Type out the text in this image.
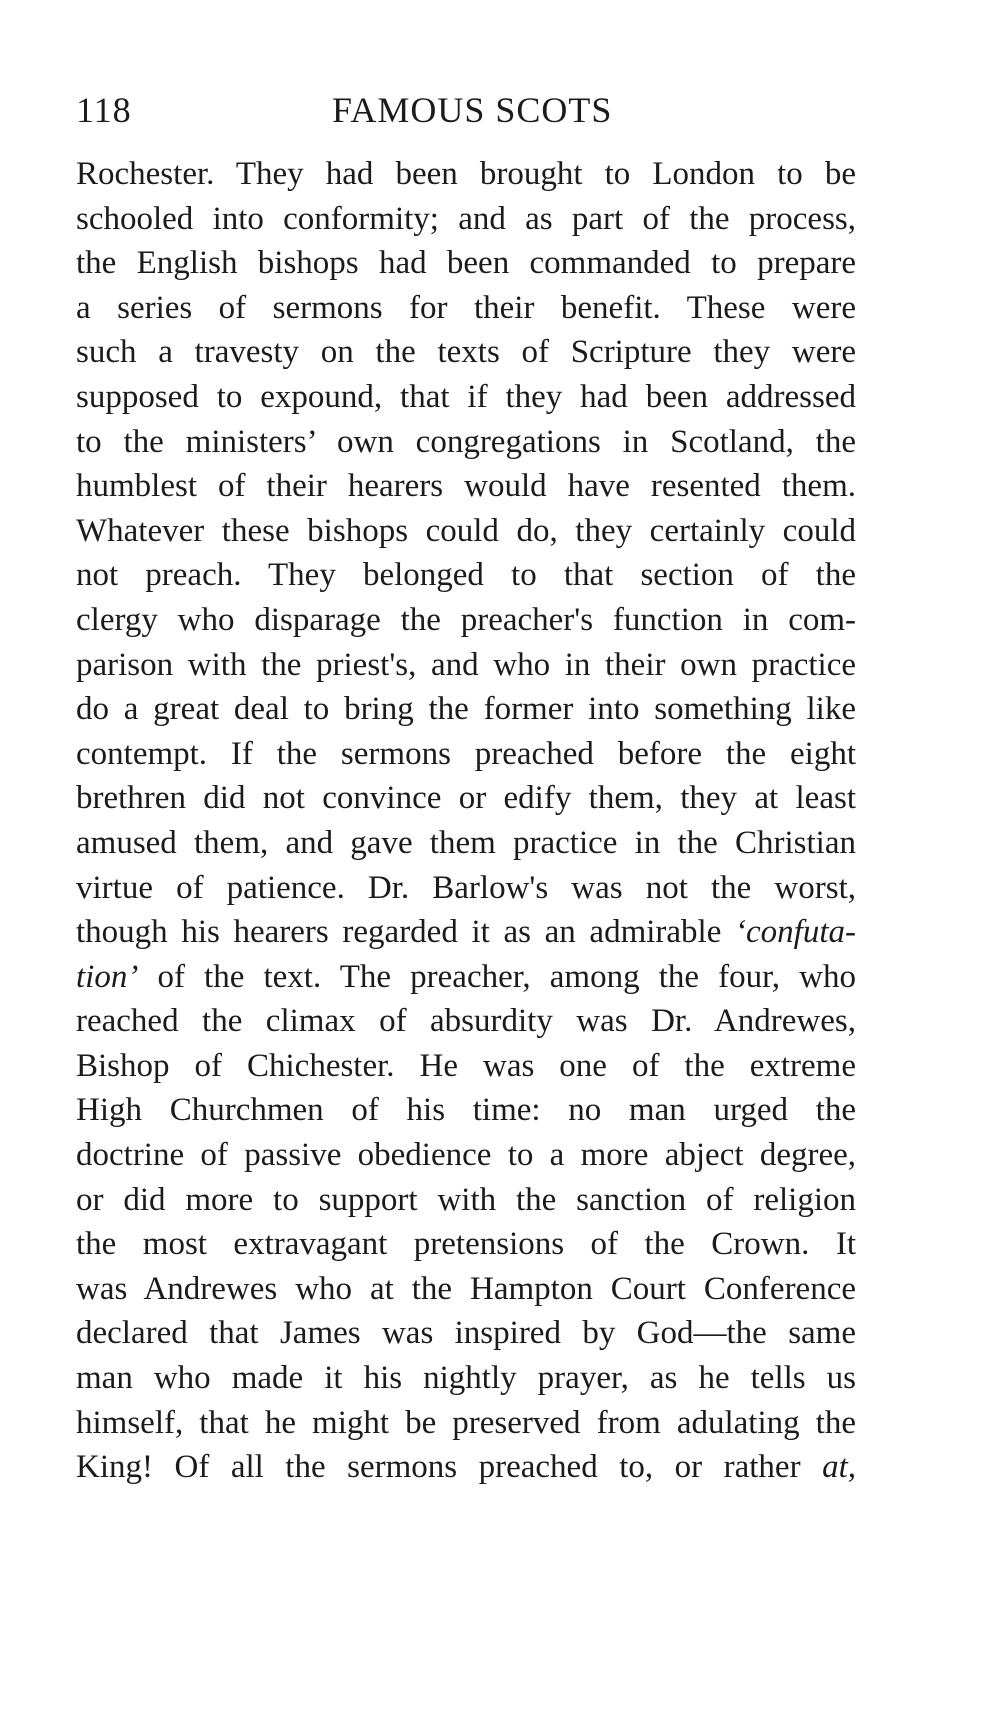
118	FAMOUS SCOTS
Rochester. They had been brought to London to be
schooled into conformity; and as part of the process,
the English bishops had been commanded to prepare
a series of sermons for their benefit. These were
such a travesty on the texts of Scripture they were
supposed to expound, that if they had been addressed
to the ministers’ own congregations in Scotland, the
humblest of their hearers would have resented them.
Whatever these bishops could do, they certainly could
not preach. They belonged to that section of the
clergy who disparage the preacher's function in com-
parison with the priest's, and who in their own practice
do a great deal to bring the former into something like
contempt. If the sermons preached before the eight
brethren did not convince or edify them, they at least
amused them, and gave them practice in the Christian
virtue of patience. Dr. Barlow's was not the worst,
though his hearers regarded it as an admirable ‘confuta-
tion’ of the text. The preacher, among the four, who
reached the climax of absurdity was Dr. Andrewes,
Bishop of Chichester. He was one of the extreme
High Churchmen of his time: no man urged the
doctrine of passive obedience to a more abject degree,
or did more to support with the sanction of religion
the most extravagant pretensions of the Crown. It
was Andrewes who at the Hampton Court Conference
declared that James was inspired by God—the same
man who made it his nightly prayer, as he tells us
himself, that he might be preserved from adulating the
King! Of all the sermons preached to, or rather at,
